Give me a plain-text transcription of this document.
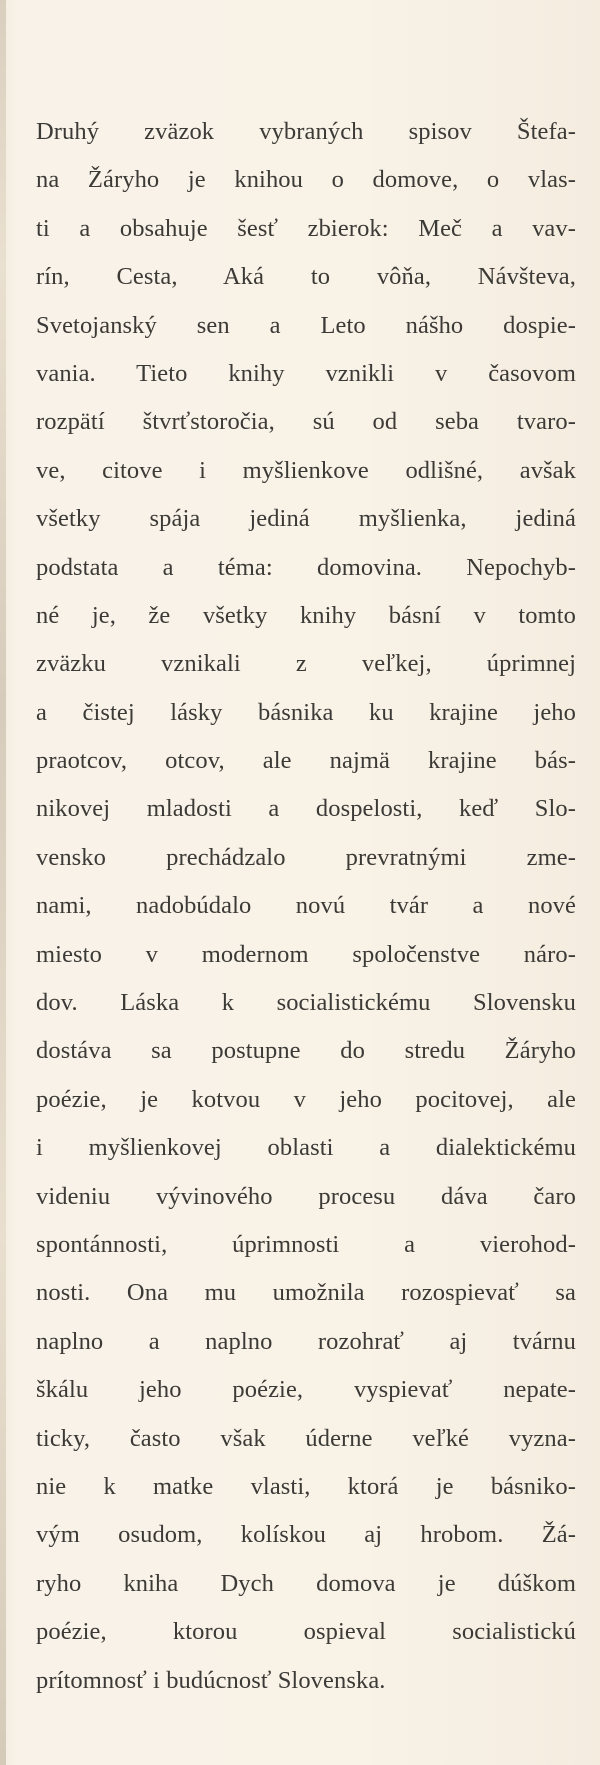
Druhý zväzok vybraných spisov Štefa-
na Žáryho je knihou o domove, o vlas-
ti a obsahuje šesť zbierok: Meč a vav-
rín, Cesta, Aká to vôňa, Návšteva,
Svetojanský sen a Leto nášho dospie-
vania. Tieto knihy vznikli v časovom
rozpätí štvrťstoročia, sú od seba tvaro-
ve, citove i myšlienkove odlišné, avšak
všetky spája jediná myšlienka, jediná
podstata a téma: domovina. Nepochyb-
né je, že všetky knihy básní v tomto
zväzku vznikali z veľkej, úprimnej
a čistej lásky básnika ku krajine jeho
praotcov, otcov, ale najmä krajine bás-
nikovej mladosti a dospelosti, keď Slo-
vensko prechádzalo prevratnými zme-
nami, nadobúdalo novú tvár a nové
miesto v modernom spoločenstve náro-
dov. Láska k socialistickému Slovensku
dostáva sa postupne do stredu Žáryho
poézie, je kotvou v jeho pocitovej, ale
i myšlienkovej oblasti a dialektickému
videniu vývinového procesu dáva čaro
spontánnosti, úprimnosti a vierohod-
nosti. Ona mu umožnila rozospievať sa
naplno a naplno rozohrať aj tvárnu
škálu jeho poézie, vyspievať nepate-
ticky, často však úderne veľké vyzna-
nie k matke vlasti, ktorá je básniko-
vým osudom, kolískou aj hrobom. Žá-
ryho kniha Dych domova je dúškom
poézie, ktorou ospieval socialistickú
prítomnosť i budúcnosť Slovenska.
